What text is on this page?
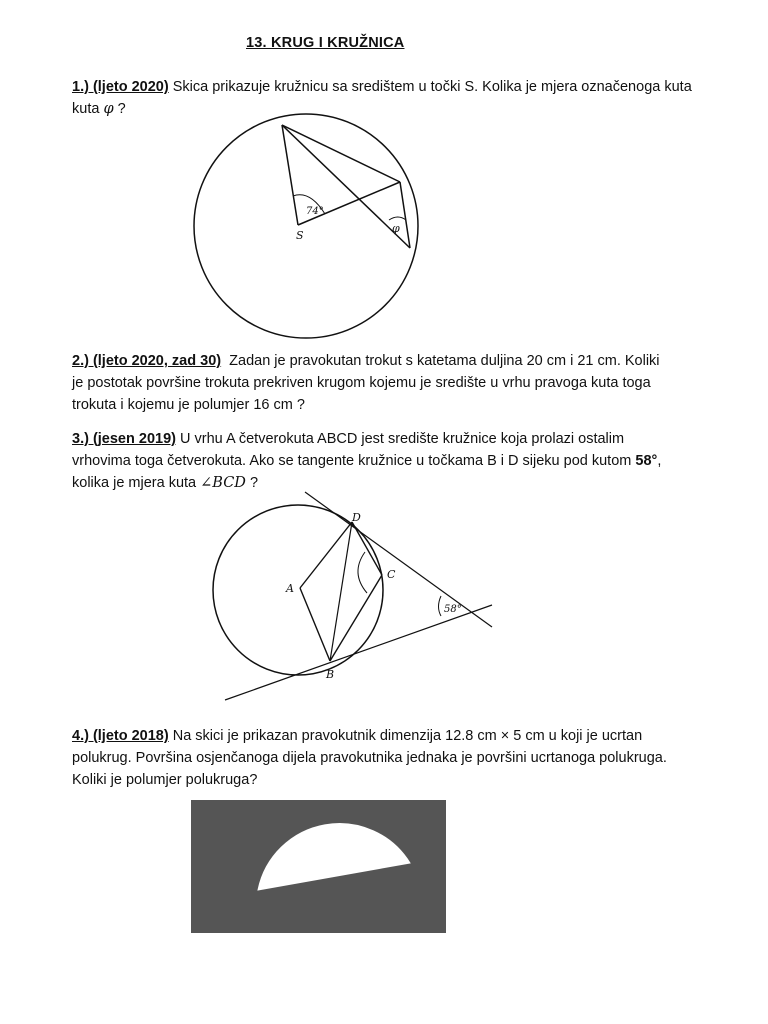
13. KRUG I KRUŽNICA
1.) (ljeto 2020) Skica prikazuje kružnicu sa središtem u točki S. Kolika je mjera označenoga kuta
kuta φ ?
74°
S
φ
2.) (ljeto 2020, zad 30) Zadan je pravokutan trokut s katetama duljina 20 cm i 21 cm. Koliki
je postotak površine trokuta prekriven krugom kojemu je središte u vrhu pravoga kuta toga
trokuta i kojemu je polumjer 16 cm ?
3.) (jesen 2019) U vrhu A četverokuta ABCD jest središte kružnice koja prolazi ostalim
vrhovima toga četverokuta. Ako se tangente kružnice u točkama B i D sijeku pod kutom 58°,
kolika je mjera kuta ∠BCD ?
D
A
C
B
58°
4.) (ljeto 2018) Na skici je prikazan pravokutnik dimenzija 12.8 cm × 5 cm u koji je ucrtan
polukrug. Površina osjenčanoga dijela pravokutnika jednaka je površini ucrtanoga polukruga.
Koliki je polumjer polukruga?
